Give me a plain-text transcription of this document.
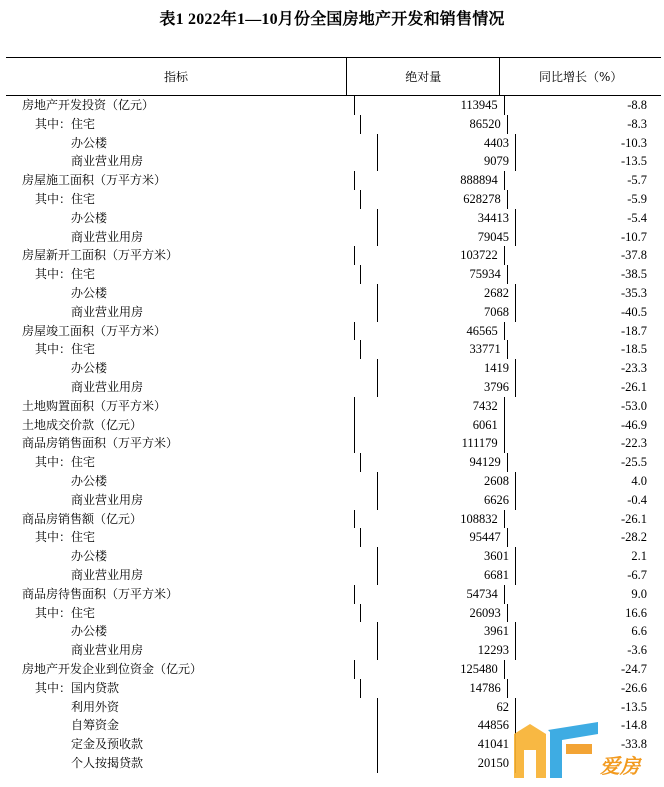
表1 2022年1—10月份全国房地产开发和销售情况
指标	绝对量	同比增长（%）
房地产开发投资（亿元）	113945	-8.8
其中：住宅	86520	-8.3
办公楼	4403	-10.3
商业营业用房	9079	-13.5
房屋施工面积（万平方米）	888894	-5.7
其中：住宅	628278	-5.9
办公楼	34413	-5.4
商业营业用房	79045	-10.7
房屋新开工面积（万平方米）	103722	-37.8
其中：住宅	75934	-38.5
办公楼	2682	-35.3
商业营业用房	7068	-40.5
房屋竣工面积（万平方米）	46565	-18.7
其中：住宅	33771	-18.5
办公楼	1419	-23.3
商业营业用房	3796	-26.1
土地购置面积（万平方米）	7432	-53.0
土地成交价款（亿元）	6061	-46.9
商品房销售面积（万平方米）	111179	-22.3
其中：住宅	94129	-25.5
办公楼	2608	4.0
商业营业用房	6626	-0.4
商品房销售额（亿元）	108832	-26.1
其中：住宅	95447	-28.2
办公楼	3601	2.1
商业营业用房	6681	-6.7
商品房待售面积（万平方米）	54734	9.0
其中：住宅	26093	16.6
办公楼	3961	6.6
商业营业用房	12293	-3.6
房地产开发企业到位资金（亿元）	125480	-24.7
其中：国内贷款	14786	-26.6
利用外资	62	-13.5
自筹资金	44856	-14.8
定金及预收款	41041	-33.8
个人按揭贷款	20150	爱房
